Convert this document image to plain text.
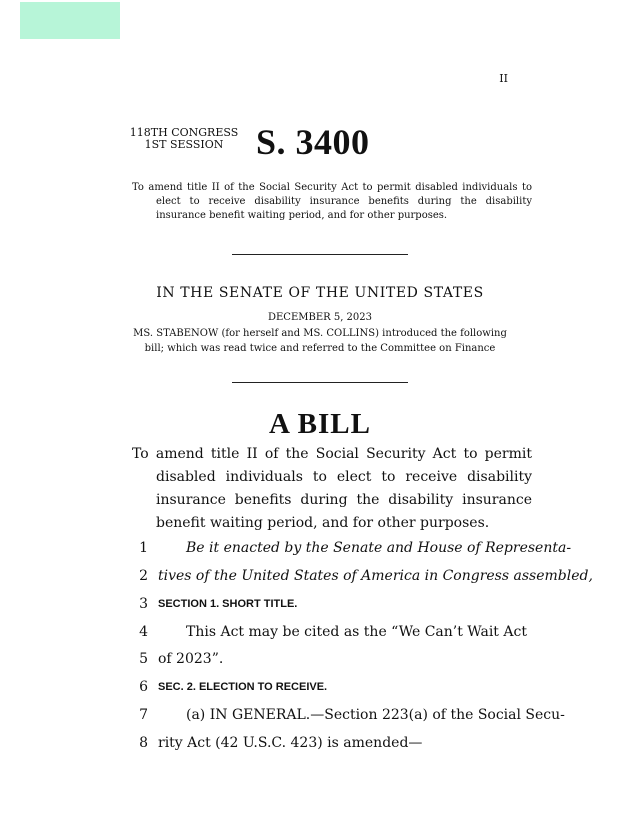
II
118TH CONGRESS
1ST SESSION S. 3400
To amend title II of the Social Security Act to permit disabled individuals to elect to receive disability insurance benefits during the disability insurance benefit waiting period, and for other purposes.
IN THE SENATE OF THE UNITED STATES
DECEMBER 5, 2023
MS. STABENOW (for herself and MS. COLLINS) introduced the following bill; which was read twice and referred to the Committee on Finance
A BILL
To amend title II of the Social Security Act to permit disabled individuals to elect to receive disability insurance benefits during the disability insurance benefit waiting period, and for other purposes.
1	Be it enacted by the Senate and House of Representa-
2 tives of the United States of America in Congress assembled,
3 SECTION 1. SHORT TITLE.
4	This Act may be cited as the “We Can’t Wait Act
5 of 2023”.
6 SEC. 2. ELECTION TO RECEIVE.
7	(a) IN GENERAL.—Section 223(a) of the Social Secu-
8 rity Act (42 U.S.C. 423) is amended—
